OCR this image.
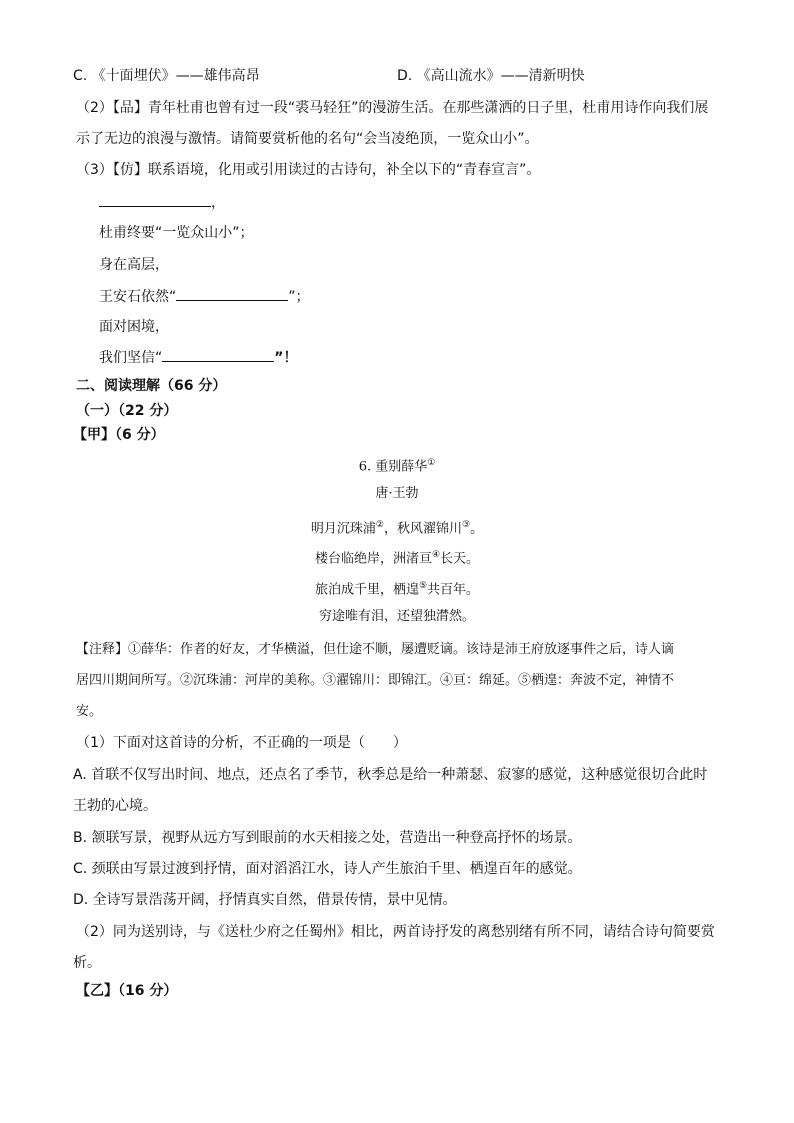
C. 《十面埋伏》——雄伟高昂	D. 《高山流水》——清新明快
（2）【品】青年杜甫也曾有过一段“裘马轻狂”的漫游生活。在那些潇洒的日子里，杜甫用诗作向我们展
示了无边的浪漫与激情。请简要赏析他的名句“会当凌绝顶，一览众山小”。
（3）【仿】联系语境，化用或引用读过的古诗句，补全以下的“青春宣言”。
，
杜甫终要“一览众山小”；
身在高层，
王安石依然“	”；
面对困境，
我们坚信“	”！
二、阅读理解（66 分）
（一）（22 分）
【甲】（6 分）
6. 重别薛华①
唐·王勃
明月沉珠浦②，秋风濯锦川③。
楼台临绝岸，洲渚亘④长天。
旅泊成千里，栖遑⑤共百年。
穷途唯有泪，还望独潸然。
【注释】①薛华：作者的好友，才华横溢，但仕途不顺，屡遭贬谪。该诗是沛王府放逐事件之后，诗人谪
居四川期间所写。②沉珠浦：河岸的美称。③濯锦川：即锦江。④亘：绵延。⑤栖遑：奔波不定，神情不
安。
（1）下面对这首诗的分析，不正确的一项是（　　）
A. 首联不仅写出时间、地点，还点名了季节，秋季总是给一种萧瑟、寂寥的感觉，这种感觉很切合此时
王勃的心境。
B. 颔联写景，视野从远方写到眼前的水天相接之处，营造出一种登高抒怀的场景。
C. 颈联由写景过渡到抒情，面对滔滔江水，诗人产生旅泊千里、栖遑百年的感觉。
D. 全诗写景浩荡开阔，抒情真实自然，借景传情，景中见情。
（2）同为送别诗，与《送杜少府之任蜀州》相比，两首诗抒发的离愁别绪有所不同，请结合诗句简要赏
析。
【乙】（16 分）
